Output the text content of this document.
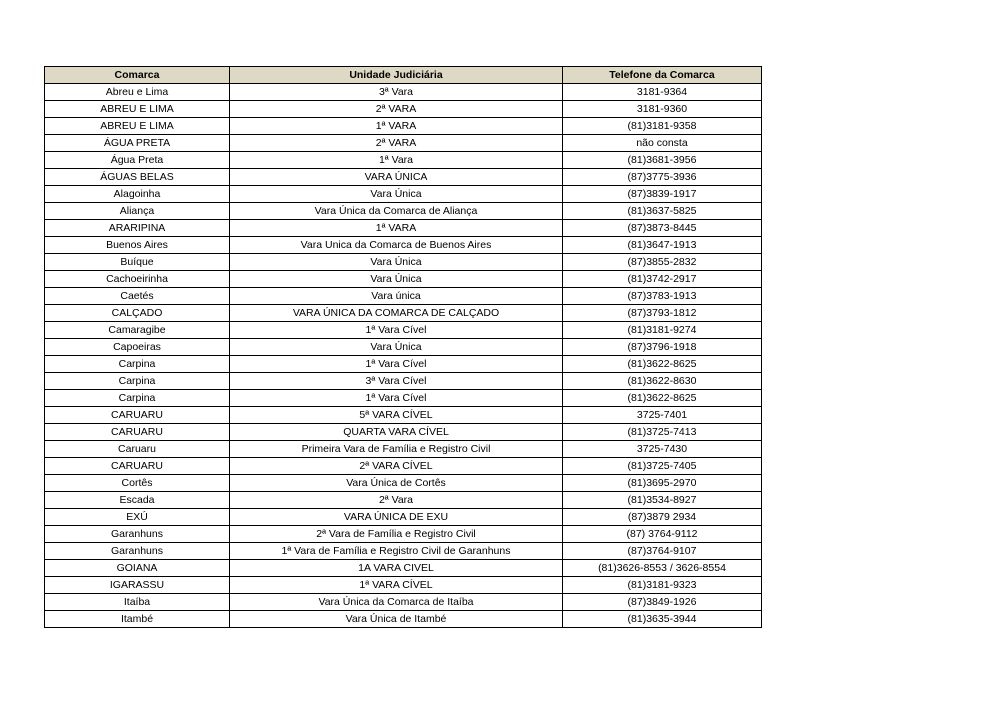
Comarca	Unidade Judiciária	Telefone da Comarca
Abreu e Lima	3ª Vara	3181-9364
ABREU E LIMA	2ª VARA	3181-9360
ABREU E LIMA	1ª VARA	(81)3181-9358
ÁGUA PRETA	2ª VARA	não consta
Água Preta	1ª Vara	(81)3681-3956
ÁGUAS BELAS	VARA ÚNICA	(87)3775-3936
Alagoinha	Vara Única	(87)3839-1917
Aliança	Vara Única da Comarca de Aliança	(81)3637-5825
ARARIPINA	1ª VARA	(87)3873-8445
Buenos Aires	Vara Unica da Comarca de Buenos Aires	(81)3647-1913
Buíque	Vara Única	(87)3855-2832
Cachoeirinha	Vara Única	(81)3742-2917
Caetés	Vara única	(87)3783-1913
CALÇADO	VARA ÚNICA DA COMARCA DE CALÇADO	(87)3793-1812
Camaragibe	1ª Vara Cível	(81)3181-9274
Capoeiras	Vara Única	(87)3796-1918
Carpina	1ª Vara Cível	(81)3622-8625
Carpina	3ª Vara Cível	(81)3622-8630
Carpina	1ª Vara Cível	(81)3622-8625
CARUARU	5ª VARA CÍVEL	3725-7401
CARUARU	QUARTA VARA CÍVEL	(81)3725-7413
Caruaru	Primeira Vara de Família e Registro Civil	3725-7430
CARUARU	2ª VARA CÍVEL	(81)3725-7405
Cortês	Vara Única de Cortês	(81)3695-2970
Escada	2ª Vara	(81)3534-8927
EXÚ	VARA ÚNICA DE EXU	(87)3879 2934
Garanhuns	2ª Vara de Família e Registro Civil	(87) 3764-9112
Garanhuns	1ª Vara de Família e Registro Civil de Garanhuns	(87)3764-9107
GOIANA	1A VARA CIVEL	(81)3626-8553 / 3626-8554
IGARASSU	1ª VARA CÍVEL	(81)3181-9323
Itaíba	Vara Única da Comarca de Itaíba	(87)3849-1926
Itambé	Vara Única de Itambé	(81)3635-3944
